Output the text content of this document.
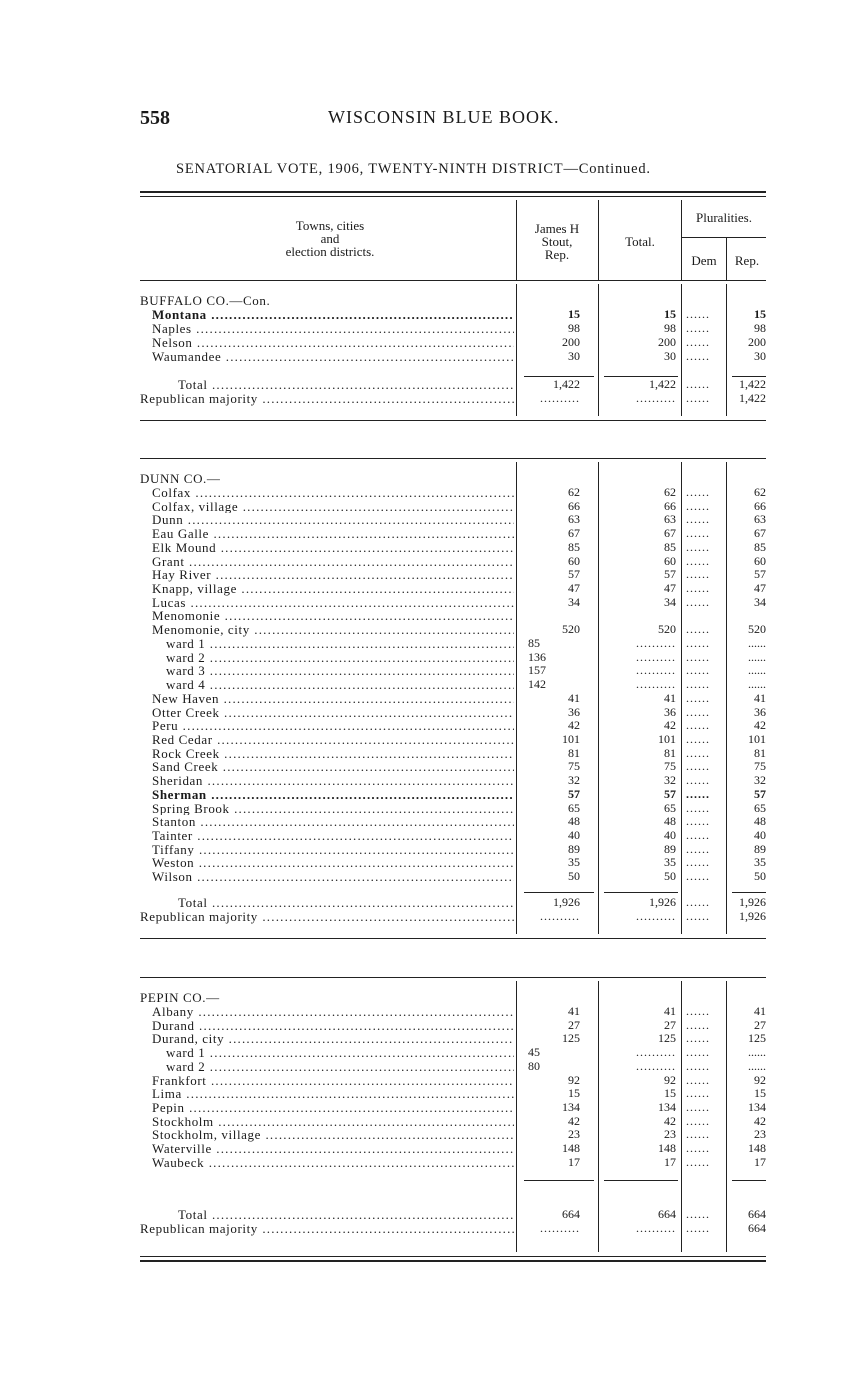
558	WISCONSIN BLUE BOOK.
SENATORIAL VOTE, 1906, TWENTY-NINTH DISTRICT—Continued.
Towns, cities
and
election districts.
James H
Stout,
Rep.
Total.
Pluralities.
Dem	Rep.
BUFFALO CO.—Con.
Montana .....	15	15 ......	15
Naples .....	98	98 ......	98
Nelson .....	200	200 ......	200
Waumandee .....	30	30 ......	30
Total .....	1,422	1,422 ......	1,422
Republican majority .....	..........	.......... ......	1,422
DUNN CO.—
Colfax .....	62	62 ......	62
Colfax, village .....	66	66 ......	66
Dunn .....	63	63 ......	63
Eau Galle .....	67	67 ......	67
Elk Mound .....	85	85 ......	85
Grant .....	60	60 ......	60
Hay River .....	57	57 ......	57
Knapp, village .....	47	47 ......	47
Lucas .....	34	34 ......	34
Menomonie .....
Menomonie, city .....	520	520 ......	520
ward 1 .....	85	.......... ......	......
ward 2 .....	136	.......... ......	......
ward 3 .....	157	.......... ......	......
ward 4 .....	142	.......... ......	......
New Haven .....	41	41 ......	41
Otter Creek .....	36	36 ......	36
Peru .....	42	42 ......	42
Red Cedar .....	101	101 ......	101
Rock Creek .....	81	81 ......	81
Sand Creek .....	75	75 ......	75
Sheridan .....	32	32 ......	32
Sherman .....	57	57 ......	57
Spring Brook .....	65	65 ......	65
Stanton .....	48	48 ......	48
Tainter .....	40	40 ......	40
Tiffany .....	89	89 ......	89
Weston .....	35	35 ......	35
Wilson .....	50	50 ......	50
Total .....	1,926	1,926 ......	1,926
Republican majority .....	..........	.......... ......	1,926
PEPIN CO.—
Albany .....	41	41 ......	41
Durand .....	27	27 ......	27
Durand, city .....	125	125 ......	125
ward 1 .....	45	.......... ......	......
ward 2 .....	80	.......... ......	......
Frankfort .....	92	92 ......	92
Lima .....	15	15 ......	15
Pepin .....	134	134 ......	134
Stockholm .....	42	42 ......	42
Stockholm, village .....	23	23 ......	23
Waterville .....	148	148 ......	148
Waubeck .....	17	17 ......	17
Total .....	664	664 ......	664
Republican majority .....	..........	.......... ......	664
